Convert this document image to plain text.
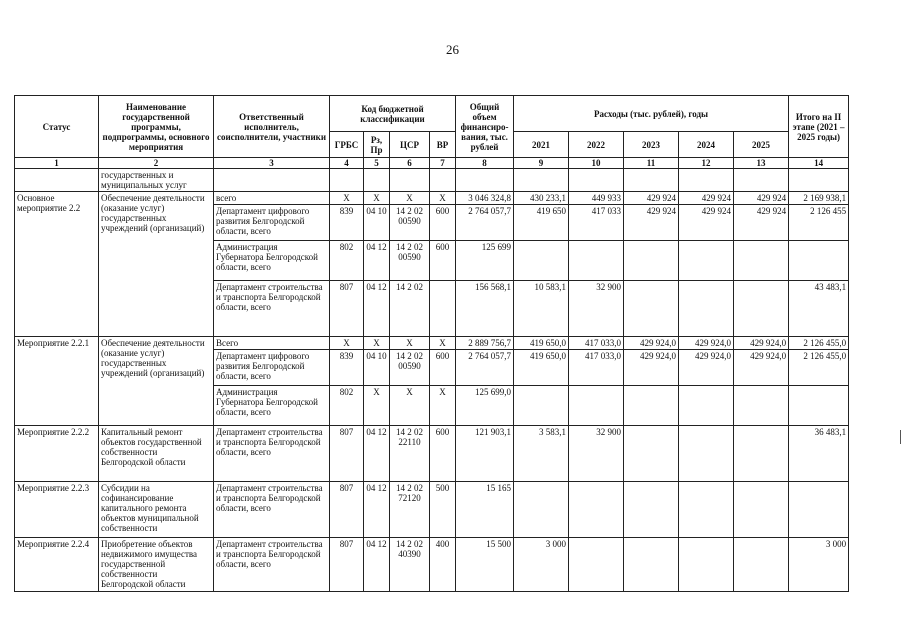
26
Статус	Наименование государственной программы, подпрограммы, основного мероприятия	Ответственный исполнитель, соисполнители, участники	Код бюджетной классификации				Общий объем финансиро-вания, тыс. рублей	Расходы (тыс. рублей), годы					Итого на II этапе (2021 – 2025 годы)
			ГРБС	Рз, Пр	ЦСР	ВР		2021	2022	2023	2024	2025	
1	2	3	4	5	6	7	8	9	10	11	12	13	14
	государственных и муниципальных услуг												
Основное мероприятие 2.2	Обеспечение деятельности (оказание услуг) государственных учреждений (организаций)	всего	X	X	X	X	3 046 324,8	430 233,1	449 933	429 924	429 924	429 924	2 169 938,1
		Департамент цифрового развития Белгородской области, всего	839	04 10	14 2 02 00590	600	2 764 057,7	419 650	417 033	429 924	429 924	429 924	2 126 455
		Администрация Губернатора Белгородской области, всего	802	04 12	14 2 02 00590	600	125 699						
		Департамент строительства и транспорта Белгородской области, всего	807	04 12	14 2 02		156 568,1	10 583,1	32 900				43 483,1
Мероприятие 2.2.1	Обеспечение деятельности (оказание услуг) государственных учреждений (организаций)	Всего	X	X	X	X	2 889 756,7	419 650,0	417 033,0	429 924,0	429 924,0	429 924,0	2 126 455,0
		Департамент цифрового развития Белгородской области, всего	839	04 10	14 2 02 00590	600	2 764 057,7	419 650,0	417 033,0	429 924,0	429 924,0	429 924,0	2 126 455,0
		Администрация Губернатора Белгородской области, всего	802	X	X	X	125 699,0						
Мероприятие 2.2.2	Капитальный ремонт объектов государственной собственности Белгородской области	Департамент строительства и транспорта Белгородской области, всего	807	04 12	14 2 02 22110	600	121 903,1	3 583,1	32 900				36 483,1
Мероприятие 2.2.3	Субсидии на софинансирование капитального ремонта объектов муниципальной собственности	Департамент строительства и транспорта Белгородской области, всего	807	04 12	14 2 02 72120	500	15 165						
Мероприятие 2.2.4	Приобретение объектов недвижимого имущества государственной собственности Белгородской области	Департамент строительства и транспорта Белгородской области, всего	807	04 12	14 2 02 40390	400	15 500	3 000					3 000
